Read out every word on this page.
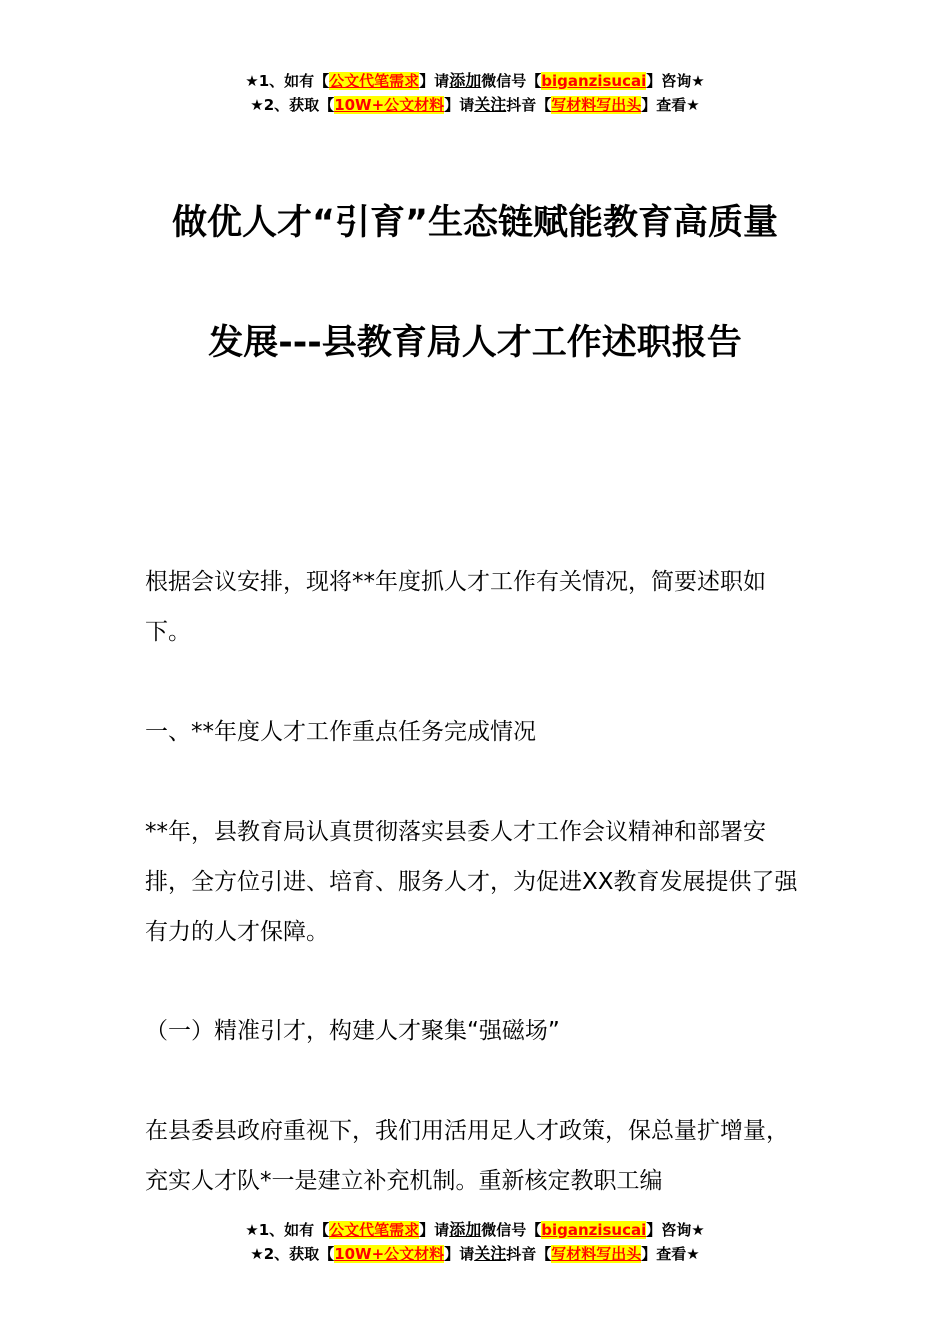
★1、如有【公文代笔需求】请添加微信号【biganzisucai】咨询★
★2、获取【10W+公文材料】请关注抖音【写材料写出头】查看★
做优人才“引育”生态链赋能教育高质量
发展---县教育局人才工作述职报告

根据会议安排，现将**年度抓人才工作有关情况，简要述职如下。

一、**年度人才工作重点任务完成情况

**年，县教育局认真贯彻落实县委人才工作会议精神和部署安排，全方位引进、培育、服务人才，为促进XX教育发展提供了强有力的人才保障。

（一）精准引才，构建人才聚集“强磁场”

在县委县政府重视下，我们用活用足人才政策，保总量扩增量，充实人才队*一是建立补充机制。重新核定教职工编

★1、如有【公文代笔需求】请添加微信号【biganzisucai】咨询★
★2、获取【10W+公文材料】请关注抖音【写材料写出头】查看★
